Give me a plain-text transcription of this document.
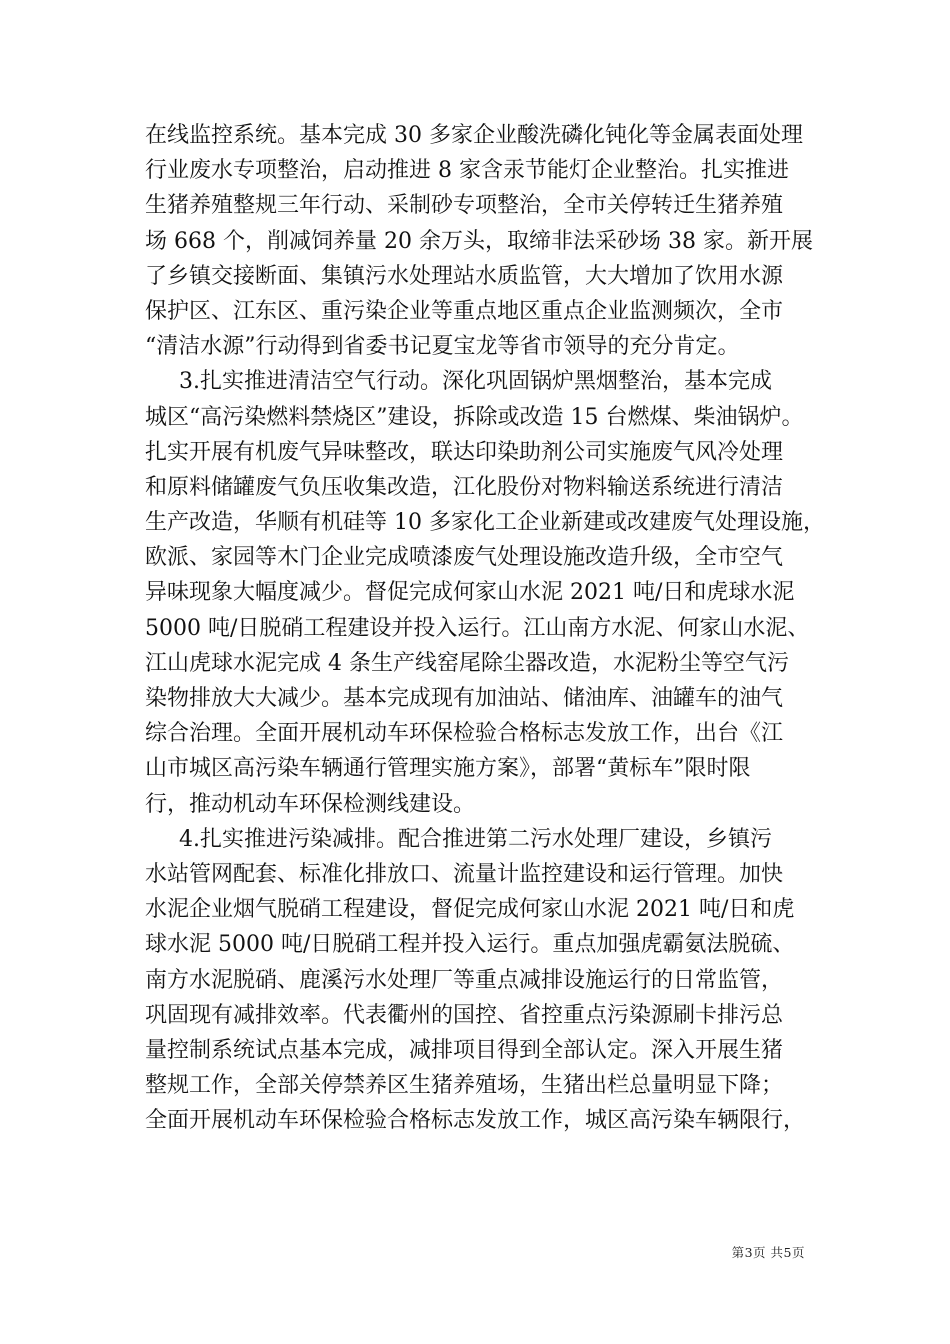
在线监控系统。基本完成 30 多家企业酸洗磷化钝化等金属表面处理
行业废水专项整治，启动推进 8 家含汞节能灯企业整治。扎实推进
生猪养殖整规三年行动、采制砂专项整治，全市关停转迁生猪养殖
场 668 个，削减饲养量 20 余万头，取缔非法采砂场 38 家。新开展
了乡镇交接断面、集镇污水处理站水质监管，大大增加了饮用水源
保护区、江东区、重污染企业等重点地区重点企业监测频次，全市
“清洁水源”行动得到省委书记夏宝龙等省市领导的充分肯定。
3.扎实推进清洁空气行动。深化巩固锅炉黑烟整治，基本完成
城区“高污染燃料禁烧区”建设，拆除或改造 15 台燃煤、柴油锅炉。
扎实开展有机废气异味整改，联达印染助剂公司实施废气风冷处理
和原料储罐废气负压收集改造，江化股份对物料输送系统进行清洁
生产改造，华顺有机硅等 10 多家化工企业新建或改建废气处理设施，
欧派、家园等木门企业完成喷漆废气处理设施改造升级，全市空气
异味现象大幅度减少。督促完成何家山水泥 2021 吨/日和虎球水泥
5000 吨/日脱硝工程建设并投入运行。江山南方水泥、何家山水泥、
江山虎球水泥完成 4 条生产线窑尾除尘器改造，水泥粉尘等空气污
染物排放大大减少。基本完成现有加油站、储油库、油罐车的油气
综合治理。全面开展机动车环保检验合格标志发放工作，出台《江
山市城区高污染车辆通行管理实施方案》，部署“黄标车”限时限
行，推动机动车环保检测线建设。
4.扎实推进污染减排。配合推进第二污水处理厂建设，乡镇污
水站管网配套、标准化排放口、流量计监控建设和运行管理。加快
水泥企业烟气脱硝工程建设，督促完成何家山水泥 2021 吨/日和虎
球水泥 5000 吨/日脱硝工程并投入运行。重点加强虎霸氨法脱硫、
南方水泥脱硝、鹿溪污水处理厂等重点减排设施运行的日常监管，
巩固现有减排效率。代表衢州的国控、省控重点污染源刷卡排污总
量控制系统试点基本完成，减排项目得到全部认定。深入开展生猪
整规工作，全部关停禁养区生猪养殖场，生猪出栏总量明显下降；
全面开展机动车环保检验合格标志发放工作，城区高污染车辆限行，
第3页 共5页
